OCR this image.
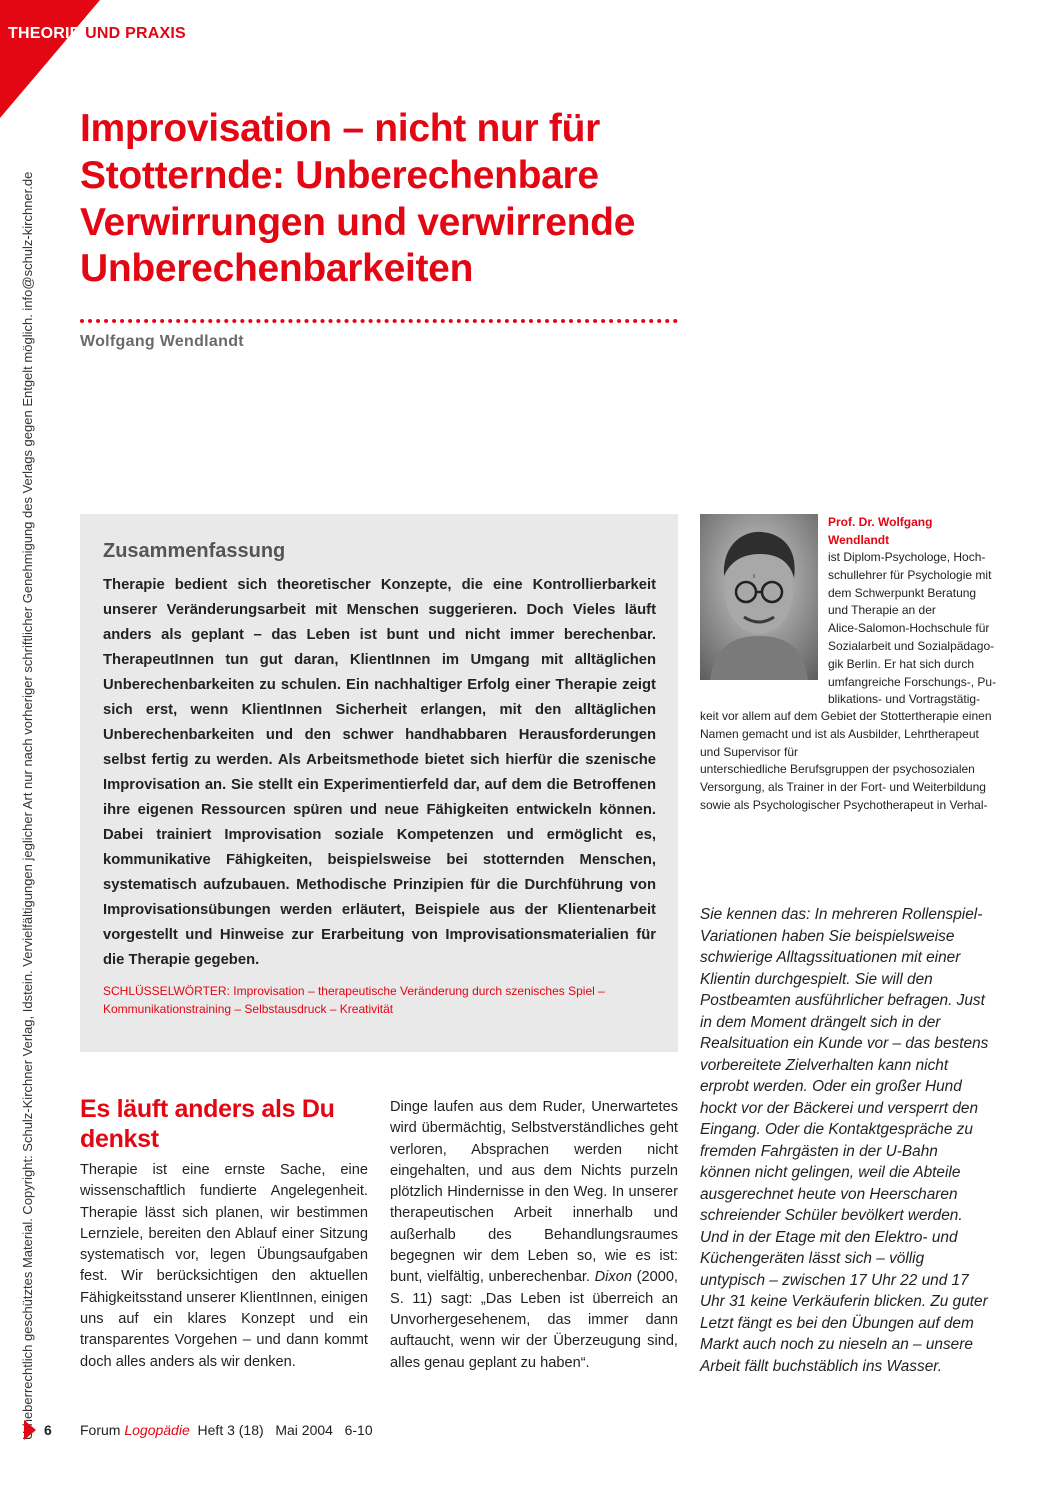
THEORIE UND PRAXIS
Urheberrechtlich geschütztes Material. Copyright: Schulz-Kirchner Verlag, Idstein. Vervielfältigungen jeglicher Art nur nach vorheriger schriftlicher Genehmigung des Verlags gegen Entgelt möglich. info@schulz-kirchner.de
Improvisation – nicht nur für Stotternde: Unberechenbare Verwirrungen und verwirrende Unberechenbarkeiten
Wolfgang Wendlandt
Zusammenfassung

Therapie bedient sich theoretischer Konzepte, die eine Kontrollierbarkeit unserer Veränderungsarbeit mit Menschen suggerieren. Doch Vieles läuft anders als geplant – das Leben ist bunt und nicht immer berechenbar. TherapeutInnen tun gut daran, KlientInnen im Umgang mit alltäglichen Unberechenbarkeiten zu schulen. Ein nachhaltiger Erfolg einer Therapie zeigt sich erst, wenn KlientInnen Sicherheit erlangen, mit den alltäglichen Unberechenbarkeiten und den schwer handhabbaren Herausforderungen selbst fertig zu werden. Als Arbeitsmethode bietet sich hierfür die szenische Improvisation an. Sie stellt ein Experimentierfeld dar, auf dem die Betroffenen ihre eigenen Ressourcen spüren und neue Fähigkeiten entwickeln können. Dabei trainiert Improvisation soziale Kompetenzen und ermöglicht es, kommunikative Fähigkeiten, beispielsweise bei stotternden Menschen, systematisch aufzubauen. Methodische Prinzipien für die Durchführung von Improvisationsübungen werden erläutert, Beispiele aus der Klientenarbeit vorgestellt und Hinweise zur Erarbeitung von Improvisationsmaterialien für die Therapie gegeben.

SCHLÜSSELWÖRTER: Improvisation – therapeutische Veränderung durch szenisches Spiel – Kommunikationstraining – Selbstausdruck – Kreativität
Prof. Dr. Wolfgang Wendlandt
ist Diplom-Psychologe, Hoch-
schullehrer für Psychologie mit
dem Schwerpunkt Beratung
und Therapie an der
Alice-Salomon-Hochschule für
Sozialarbeit und Sozialpädago-
gik Berlin. Er hat sich durch
umfangreiche Forschungs-, Pu-
blikations- und Vortragstätig-
keit vor allem auf dem Gebiet der Stottertherapie einen
Namen gemacht und ist als Ausbilder, Lehrtherapeut
und Supervisor für
unterschiedliche Berufsgruppen der psychosozialen
Versorgung, als Trainer in der Fort- und Weiterbildung
sowie als Psychologischer Psychotherapeut in Verhal-
Sie kennen das: In mehreren Rollenspiel-Variationen haben Sie beispielsweise schwierige Alltagssituationen mit einer Klientin durchgespielt. Sie will den Postbeamten ausführlicher befragen. Just in dem Moment drängelt sich in der Realsituation ein Kunde vor – das bestens vorbereitete Zielverhalten kann nicht erprobt werden. Oder ein großer Hund hockt vor der Bäckerei und versperrt den Eingang. Oder die Kontaktgespräche zu fremden Fahrgästen in der U-Bahn können nicht gelingen, weil die Abteile ausgerechnet heute von Heerscharen schreiender Schüler bevölkert werden. Und in der Etage mit den Elektro- und Küchengeräten lässt sich – völlig untypisch – zwischen 17 Uhr 22 und 17 Uhr 31 keine Verkäuferin blicken. Zu guter Letzt fängt es bei den Übungen auf dem Markt auch noch zu nieseln an – unsere Arbeit fällt buchstäblich ins Wasser.
Es läuft anders als Du denkst

Therapie ist eine ernste Sache, eine wissenschaftlich fundierte Angelegenheit. Therapie lässt sich planen, wir bestimmen Lernziele, bereiten den Ablauf einer Sitzung systematisch vor, legen Übungsaufgaben fest. Wir berücksichtigen den aktuellen Fähigkeitsstand unserer KlientInnen, einigen uns auf ein klares Konzept und ein transparentes Vorgehen – und dann kommt doch alles anders als wir denken.

Dinge laufen aus dem Ruder, Unerwartetes wird übermächtig, Selbstverständliches geht verloren, Absprachen werden nicht eingehalten, und aus dem Nichts purzeln plötzlich Hindernisse in den Weg. In unserer therapeutischen Arbeit innerhalb und außerhalb des Behandlungsraumes begegnen wir dem Leben so, wie es ist: bunt, vielfältig, unberechenbar. Dixon (2000, S. 11) sagt: „Das Leben ist überreich an Unvorhergesehenem, das immer dann auftaucht, wenn wir der Überzeugung sind, alles genau geplant zu haben“.

6 Forum Logopädie  Heft 3 (18)   Mai 2004   6-10
